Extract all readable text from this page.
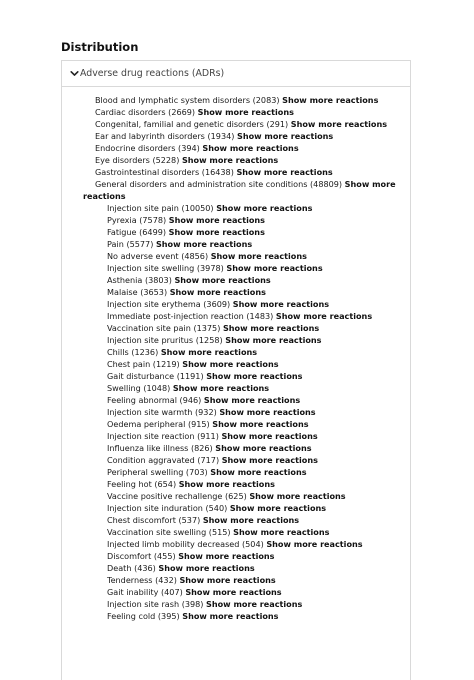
Distribution
Adverse drug reactions (ADRs)
Blood and lymphatic system disorders (2083) Show more reactions
Cardiac disorders (2669) Show more reactions
Congenital, familial and genetic disorders (291) Show more reactions
Ear and labyrinth disorders (1934) Show more reactions
Endocrine disorders (394) Show more reactions
Eye disorders (5228) Show more reactions
Gastrointestinal disorders (16438) Show more reactions
General disorders and administration site conditions (48809) Show more
reactions
Injection site pain (10050) Show more reactions
Pyrexia (7578) Show more reactions
Fatigue (6499) Show more reactions
Pain (5577) Show more reactions
No adverse event (4856) Show more reactions
Injection site swelling (3978) Show more reactions
Asthenia (3803) Show more reactions
Malaise (3653) Show more reactions
Injection site erythema (3609) Show more reactions
Immediate post-injection reaction (1483) Show more reactions
Vaccination site pain (1375) Show more reactions
Injection site pruritus (1258) Show more reactions
Chills (1236) Show more reactions
Chest pain (1219) Show more reactions
Gait disturbance (1191) Show more reactions
Swelling (1048) Show more reactions
Feeling abnormal (946) Show more reactions
Injection site warmth (932) Show more reactions
Oedema peripheral (915) Show more reactions
Injection site reaction (911) Show more reactions
Influenza like illness (826) Show more reactions
Condition aggravated (717) Show more reactions
Peripheral swelling (703) Show more reactions
Feeling hot (654) Show more reactions
Vaccine positive rechallenge (625) Show more reactions
Injection site induration (540) Show more reactions
Chest discomfort (537) Show more reactions
Vaccination site swelling (515) Show more reactions
Injected limb mobility decreased (504) Show more reactions
Discomfort (455) Show more reactions
Death (436) Show more reactions
Tenderness (432) Show more reactions
Gait inability (407) Show more reactions
Injection site rash (398) Show more reactions
Feeling cold (395) Show more reactions
